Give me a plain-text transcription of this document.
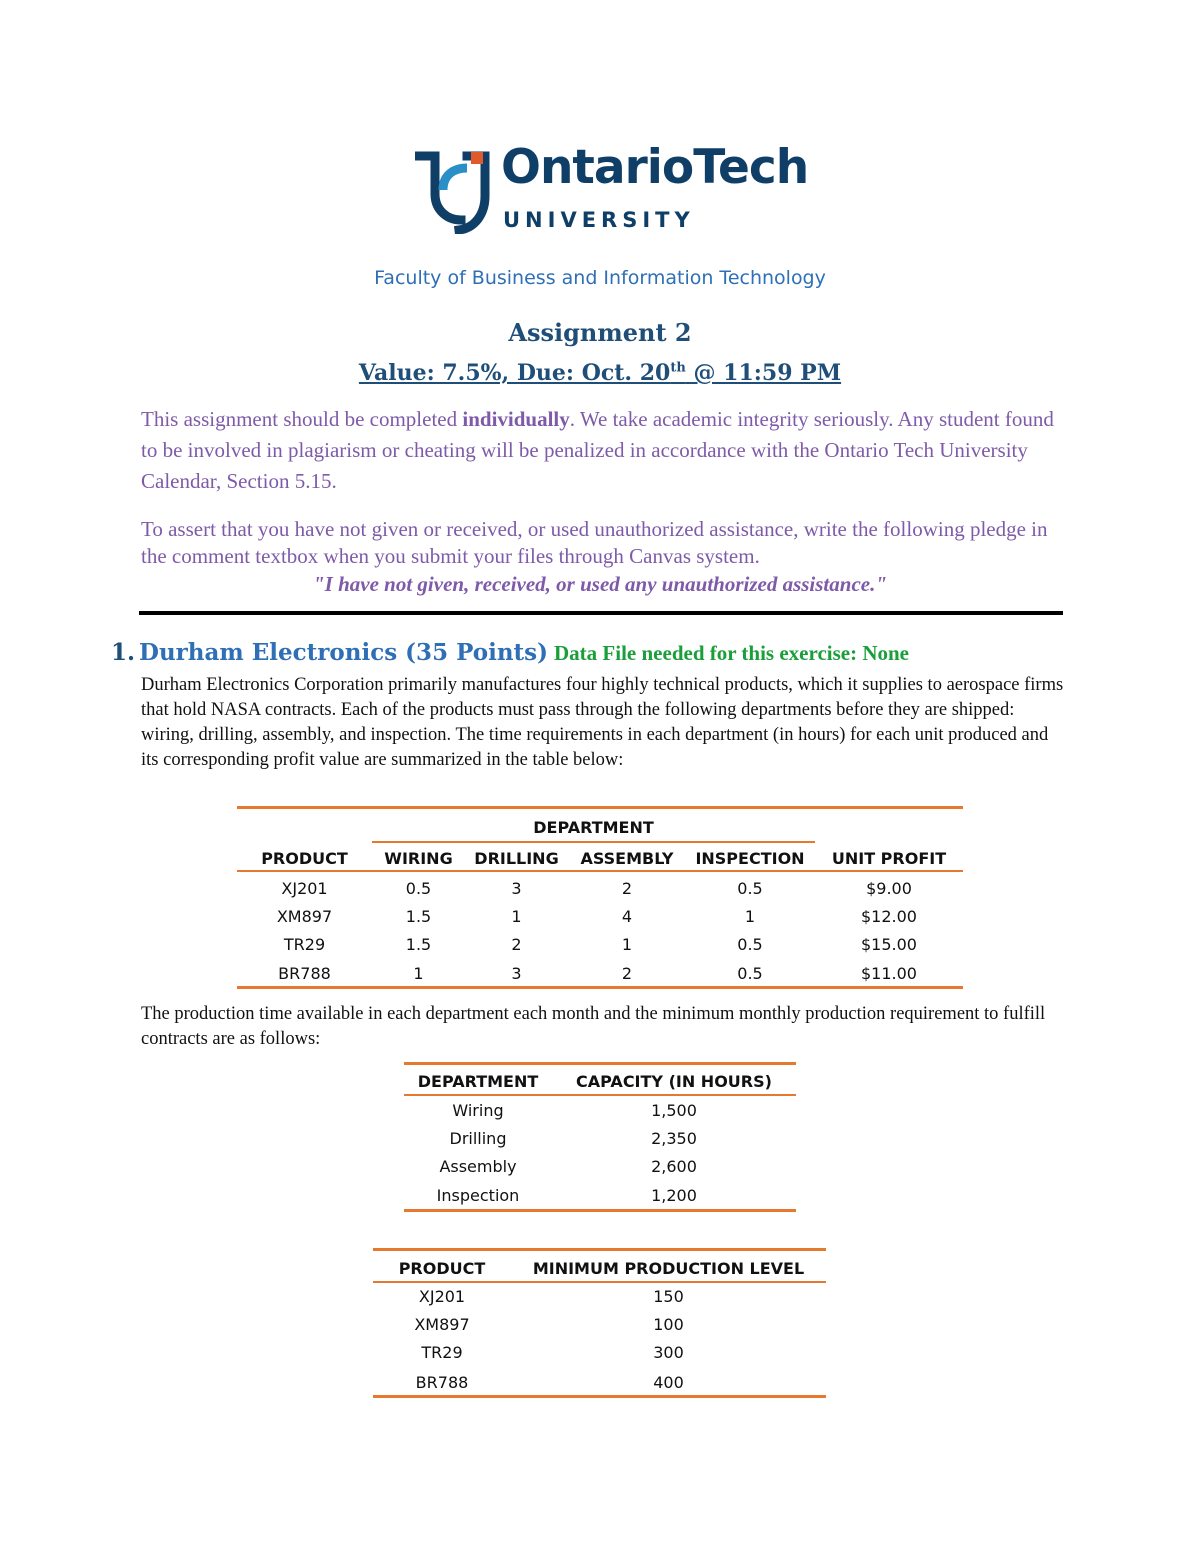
OntarioTech
UNIVERSITY
Faculty of Business and Information Technology
Assignment 2
Value: 7.5%, Due: Oct. 20th @ 11:59 PM
This assignment should be completed individually. We take academic integrity seriously. Any student found to be involved in plagiarism or cheating will be penalized in accordance with the Ontario Tech University Calendar, Section 5.15.
To assert that you have not given or received, or used unauthorized assistance, write the following pledge in the comment textbox when you submit your files through Canvas system.
"I have not given, received, or used any unauthorized assistance."
1. Durham Electronics (35 Points) Data File needed for this exercise: None
Durham Electronics Corporation primarily manufactures four highly technical products, which it supplies to aerospace firms that hold NASA contracts. Each of the products must pass through the following departments before they are shipped: wiring, drilling, assembly, and inspection. The time requirements in each department (in hours) for each unit produced and its corresponding profit value are summarized in the table below:
DEPARTMENT
PRODUCT	WIRING	DRILLING	ASSEMBLY	INSPECTION	UNIT PROFIT
XJ201	0.5	3	2	0.5	$9.00
XM897	1.5	1	4	1	$12.00
TR29	1.5	2	1	0.5	$15.00
BR788	1	3	2	0.5	$11.00
The production time available in each department each month and the minimum monthly production requirement to fulfill contracts are as follows:
DEPARTMENT	CAPACITY (IN HOURS)
Wiring	1,500
Drilling	2,350
Assembly	2,600
Inspection	1,200
PRODUCT	MINIMUM PRODUCTION LEVEL
XJ201	150
XM897	100
TR29	300
BR788	400
